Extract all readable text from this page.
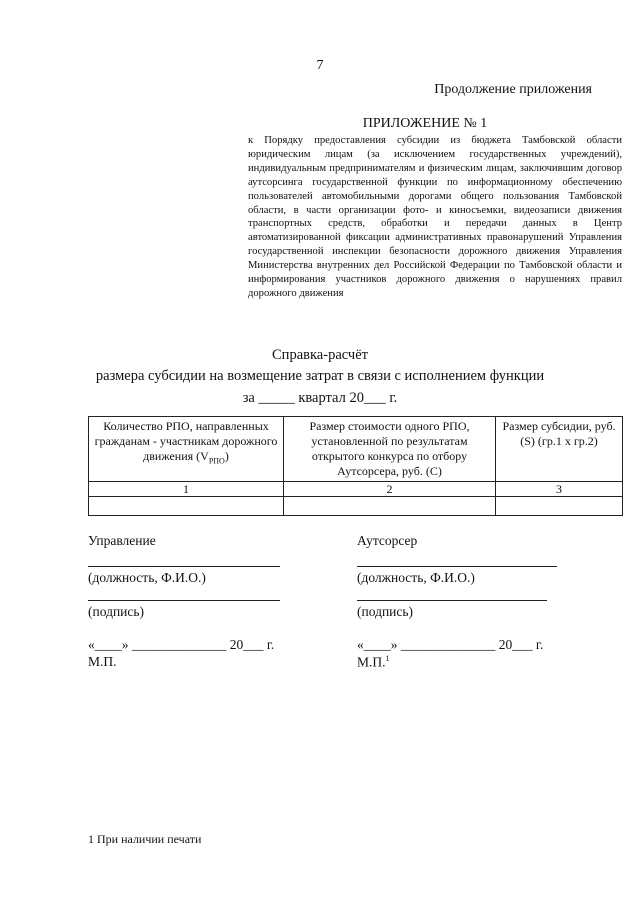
7
Продолжение приложения
ПРИЛОЖЕНИЕ № 1
к Порядку предоставления субсидии из бюджета Тамбовской области юридическим лицам (за исключением государственных учреждений), индивидуальным предпринимателям и физическим лицам, заключившим договор аутсорсинга государственной функции по информационному обеспечению пользователей автомобильными дорогами общего пользования Тамбовской области, в части организации фото- и киносъемки, видеозаписи движения транспортных средств, обработки и передачи данных в Центр автоматизированной фиксации административных правонарушений Управления государственной инспекции безопасности дорожного движения Управления Министерства внутренних дел Российской Федерации по Тамбовской области и информирования участников дорожного движения о нарушениях правил дорожного движения
Справка-расчёт
размера субсидии на возмещение затрат в связи с исполнением функции
за _____ квартал 20___ г.
Количество РПО, направленных гражданам - участникам дорожного движения $(V_{РПО})$	Размер стоимости одного РПО, установленной по результатам открытого конкурса по отбору Аутсорсера, руб. (С)	Размер субсидии, руб. (S) (гр.1 x гр.2)
1	2	3

Управление
(должность, Ф.И.О.)
(подпись)
«____» ______________ 20___ г.
М.П.
Аутсорсер
(должность, Ф.И.О.)
(подпись)
«____» ______________ 20___ г.
М.П.$^1$
1 При наличии печати
